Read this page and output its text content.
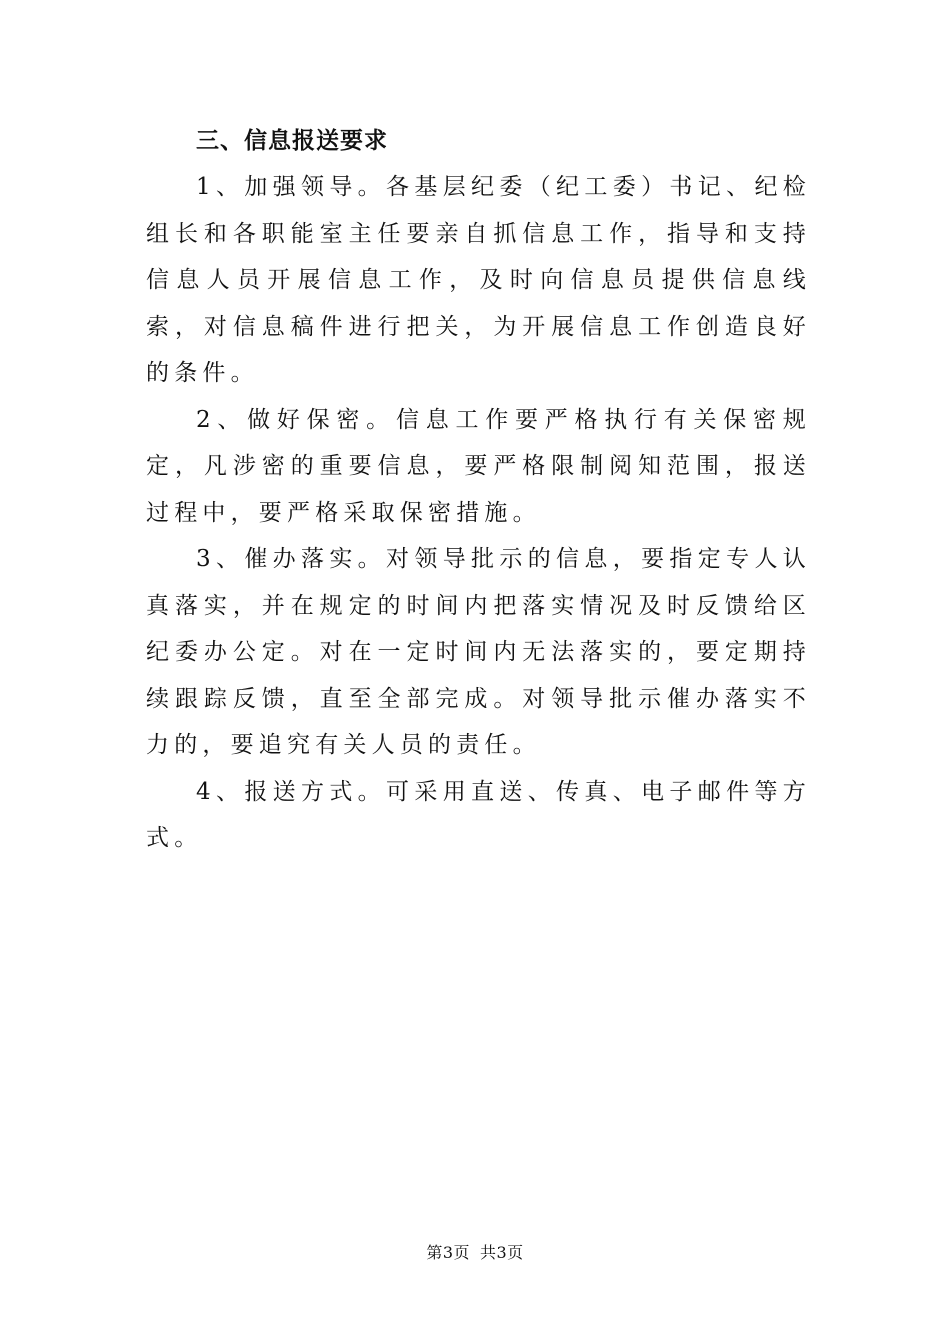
三、信息报送要求

1、加强领导。各基层纪委（纪工委）书记、纪检组长和各职能室主任要亲自抓信息工作，指导和支持信息人员开展信息工作，及时向信息员提供信息线索，对信息稿件进行把关，为开展信息工作创造良好的条件。

2、做好保密。信息工作要严格执行有关保密规定，凡涉密的重要信息，要严格限制阅知范围，报送过程中，要严格采取保密措施。

3、催办落实。对领导批示的信息，要指定专人认真落实，并在规定的时间内把落实情况及时反馈给区纪委办公定。对在一定时间内无法落实的，要定期持续跟踪反馈，直至全部完成。对领导批示催办落实不力的，要追究有关人员的责任。

4、报送方式。可采用直送、传真、电子邮件等方式。

第3页 共3页
